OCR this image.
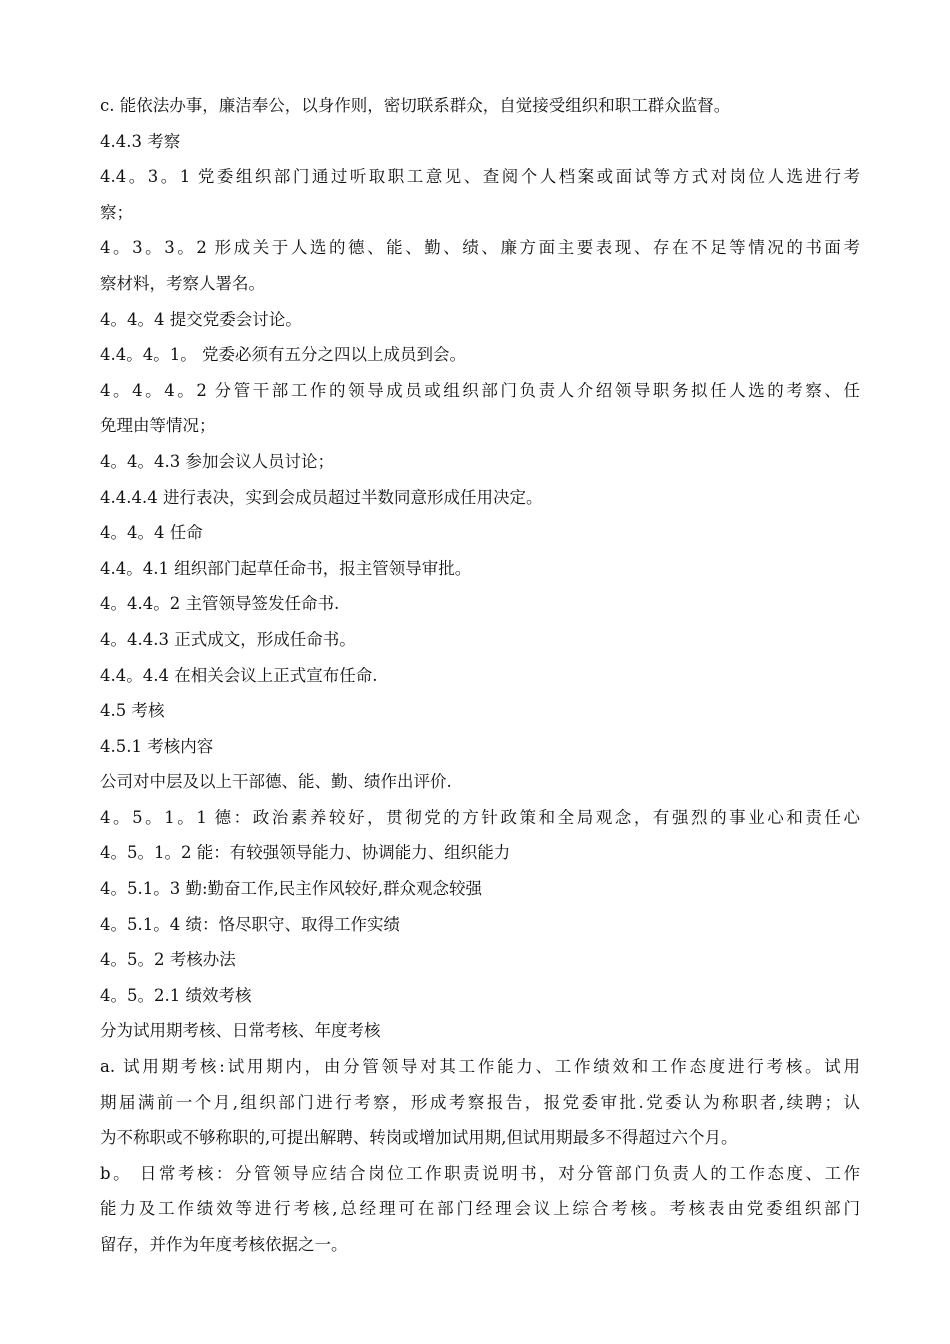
c. 能依法办事，廉洁奉公，以身作则，密切联系群众，自觉接受组织和职工群众监督。
4.4.3 考察
4.4。3。1 党委组织部门通过听取职工意见、查阅个人档案或面试等方式对岗位人选进行考
察；
4。3。3。2 形成关于人选的德、能、勤、绩、廉方面主要表现、存在不足等情况的书面考
察材料，考察人署名。
4。4。4 提交党委会讨论。
4.4。4。1。 党委必须有五分之四以上成员到会。
4。4。4。2 分管干部工作的领导成员或组织部门负责人介绍领导职务拟任人选的考察、任
免理由等情况；
4。4。4.3 参加会议人员讨论；
4.4.4.4 进行表决，实到会成员超过半数同意形成任用决定。
4。4。4 任命
4.4。4.1 组织部门起草任命书，报主管领导审批。
4。4.4。2 主管领导签发任命书.
4。4.4.3 正式成文，形成任命书。
4.4。4.4 在相关会议上正式宣布任命.
4.5 考核
4.5.1 考核内容
公司对中层及以上干部德、能、勤、绩作出评价.
4。5。1。1 德：政治素养较好，贯彻党的方针政策和全局观念，有强烈的事业心和责任心
4。5。1。2 能：有较强领导能力、协调能力、组织能力
4。5.1。3 勤:勤奋工作,民主作风较好,群众观念较强
4。5.1。4 绩：恪尽职守、取得工作实绩
4。5。2 考核办法
4。5。2.1 绩效考核
分为试用期考核、日常考核、年度考核
a. 试用期考核:试用期内，由分管领导对其工作能力、工作绩效和工作态度进行考核。试用
期届满前一个月,组织部门进行考察，形成考察报告，报党委审批.党委认为称职者,续聘；认
为不称职或不够称职的,可提出解聘、转岗或增加试用期,但试用期最多不得超过六个月。
b。 日常考核：分管领导应结合岗位工作职责说明书，对分管部门负责人的工作态度、工作
能力及工作绩效等进行考核,总经理可在部门经理会议上综合考核。考核表由党委组织部门
留存，并作为年度考核依据之一。
